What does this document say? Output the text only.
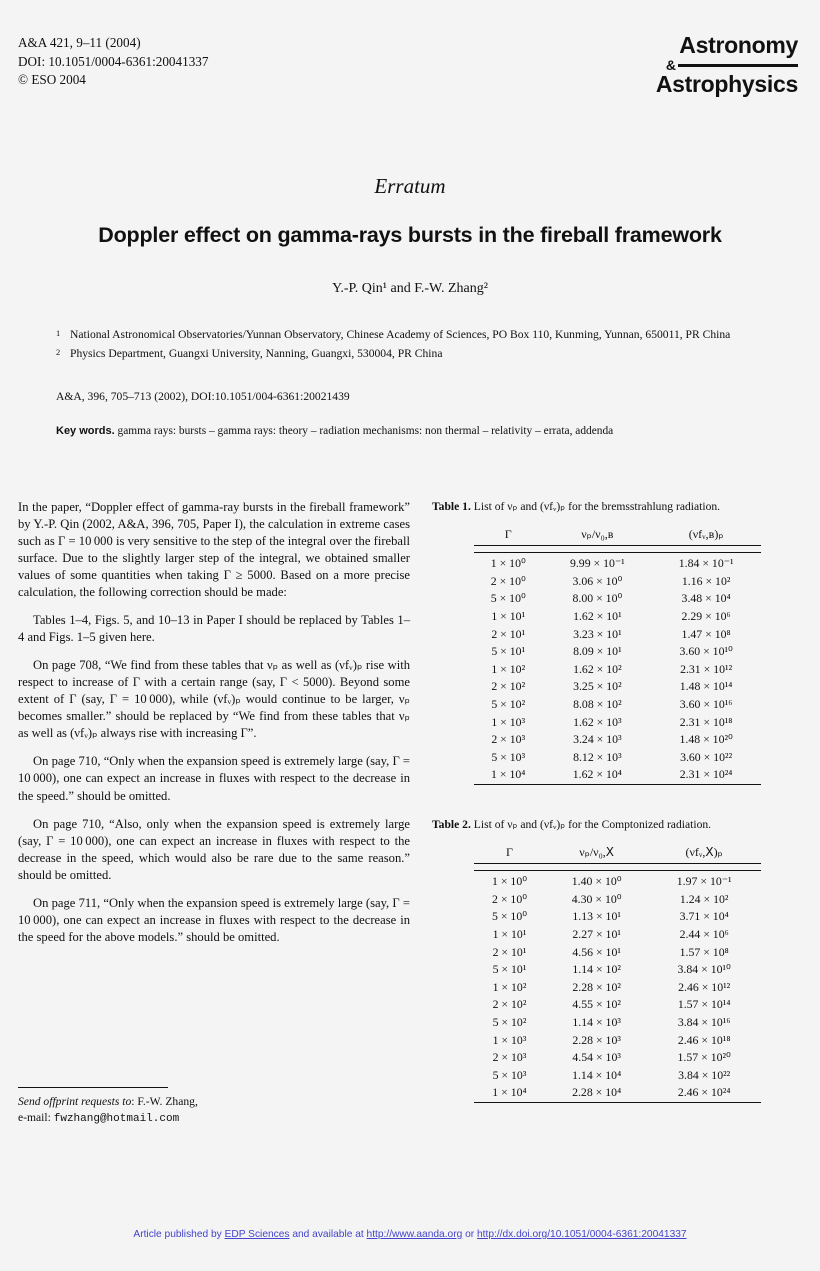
A&A 421, 9–11 (2004)
DOI: 10.1051/0004-6361:20041337
© ESO 2004
Astronomy
&
Astrophysics
Erratum
Doppler effect on gamma-rays bursts in the fireball framework
Y.-P. Qin¹ and F.-W. Zhang²
1 National Astronomical Observatories/Yunnan Observatory, Chinese Academy of Sciences, PO Box 110, Kunming, Yunnan, 650011, PR China
2 Physics Department, Guangxi University, Nanning, Guangxi, 530004, PR China
A&A, 396, 705–713 (2002), DOI:10.1051/004-6361:20021439
Key words. gamma rays: bursts – gamma rays: theory – radiation mechanisms: non thermal – relativity – errata, addenda

In the paper, “Doppler effect of gamma-ray bursts in the fireball framework” by Y.-P. Qin (2002, A&A, 396, 705, Paper I), the calculation in extreme cases such as Γ = 10 000 is very sensitive to the step of the integral over the fireball surface. Due to the slightly larger step of the integral, we obtained smaller values of some quantities when taking Γ ≥ 5000. Based on a more precise calculation, the following correction should be made:

Tables 1–4, Figs. 5, and 10–13 in Paper I should be replaced by Tables 1–4 and Figs. 1–5 given here.

On page 708, “We find from these tables that νₚ as well as (νfᵥ)ₚ rise with respect to increase of Γ with a certain range (say, Γ < 5000). Beyond some extent of Γ (say, Γ = 10 000), while (νfᵥ)ₚ would continue to be larger, νₚ becomes smaller.” should be replaced by “We find from these tables that νₚ as well as (νfᵥ)ₚ always rise with increasing Γ”.

On page 710, “Only when the expansion speed is extremely large (say, Γ = 10 000), one can expect an increase in fluxes with respect to the decrease in the speed.” should be omitted.

On page 710, “Also, only when the expansion speed is extremely large (say, Γ = 10 000), one can expect an increase in fluxes with respect to the decrease in the speed, which would also be rare due to the same reason.” should be omitted.

On page 711, “Only when the expansion speed is extremely large (say, Γ = 10 000), one can expect an increase in fluxes with respect to the decrease in the speed for the above models.” should be omitted.

Send offprint requests to: F.-W. Zhang,
e-mail: fwzhang@hotmail.com
Table 1. List of νₚ and (νfᵥ)ₚ for the bremsstrahlung radiation.

Γ	νₚ/ν₀,ʙ	(νfᵥ,ʙ)ₚ
1 × 10⁰	9.99 × 10⁻¹	1.84 × 10⁻¹
2 × 10⁰	3.06 × 10⁰	1.16 × 10²
5 × 10⁰	8.00 × 10⁰	3.48 × 10⁴
1 × 10¹	1.62 × 10¹	2.29 × 10⁶
2 × 10¹	3.23 × 10¹	1.47 × 10⁸
5 × 10¹	8.09 × 10¹	3.60 × 10¹⁰
1 × 10²	1.62 × 10²	2.31 × 10¹²
2 × 10²	3.25 × 10²	1.48 × 10¹⁴
5 × 10²	8.08 × 10²	3.60 × 10¹⁶
1 × 10³	1.62 × 10³	2.31 × 10¹⁸
2 × 10³	3.24 × 10³	1.48 × 10²⁰
5 × 10³	8.12 × 10³	3.60 × 10²²
1 × 10⁴	1.62 × 10⁴	2.31 × 10²⁴

Table 2. List of νₚ and (νfᵥ)ₚ for the Comptonized radiation.

Γ	νₚ/ν₀,ꓫ	(νfᵥ,ꓫ)ₚ
1 × 10⁰	1.40 × 10⁰	1.97 × 10⁻¹
2 × 10⁰	4.30 × 10⁰	1.24 × 10²
5 × 10⁰	1.13 × 10¹	3.71 × 10⁴
1 × 10¹	2.27 × 10¹	2.44 × 10⁶
2 × 10¹	4.56 × 10¹	1.57 × 10⁸
5 × 10¹	1.14 × 10²	3.84 × 10¹⁰
1 × 10²	2.28 × 10²	2.46 × 10¹²
2 × 10²	4.55 × 10²	1.57 × 10¹⁴
5 × 10²	1.14 × 10³	3.84 × 10¹⁶
1 × 10³	2.28 × 10³	2.46 × 10¹⁸
2 × 10³	4.54 × 10³	1.57 × 10²⁰
5 × 10³	1.14 × 10⁴	3.84 × 10²²
1 × 10⁴	2.28 × 10⁴	2.46 × 10²⁴

Article published by EDP Sciences and available at http://www.aanda.org or http://dx.doi.org/10.1051/0004-6361:20041337
